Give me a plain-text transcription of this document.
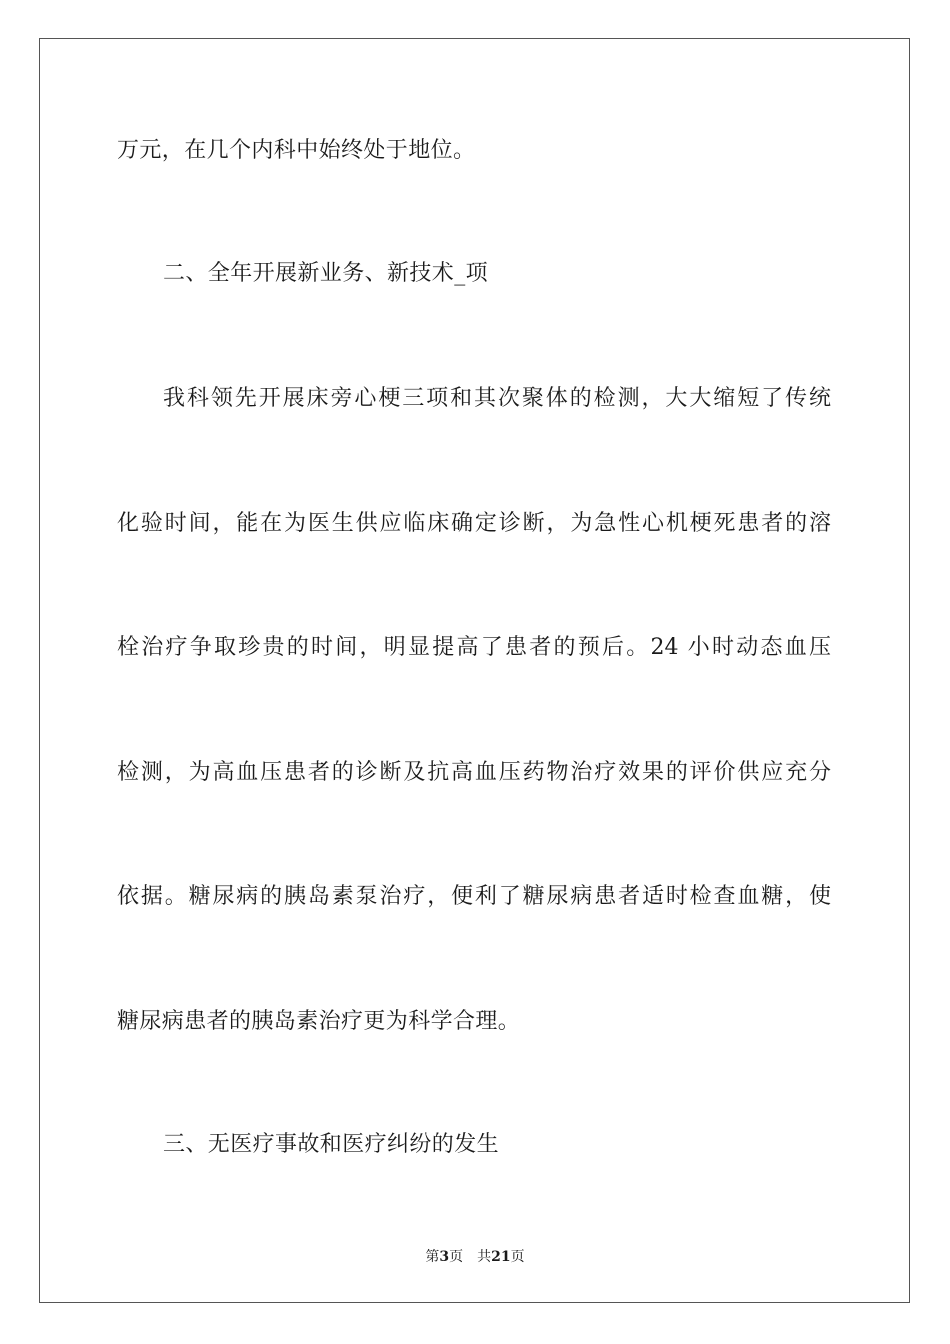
万元，在几个内科中始终处于地位。
二、全年开展新业务、新技术_项
我科领先开展床旁心梗三项和其次聚体的检测，大大缩短了传统
化验时间，能在为医生供应临床确定诊断，为急性心机梗死患者的溶
栓治疗争取珍贵的时间，明显提高了患者的预后。24 小时动态血压
检测，为高血压患者的诊断及抗高血压药物治疗效果的评价供应充分
依据。糖尿病的胰岛素泵治疗，便利了糖尿病患者适时检查血糖，使
糖尿病患者的胰岛素治疗更为科学合理。
三、无医疗事故和医疗纠纷的发生
第3页 共21页
